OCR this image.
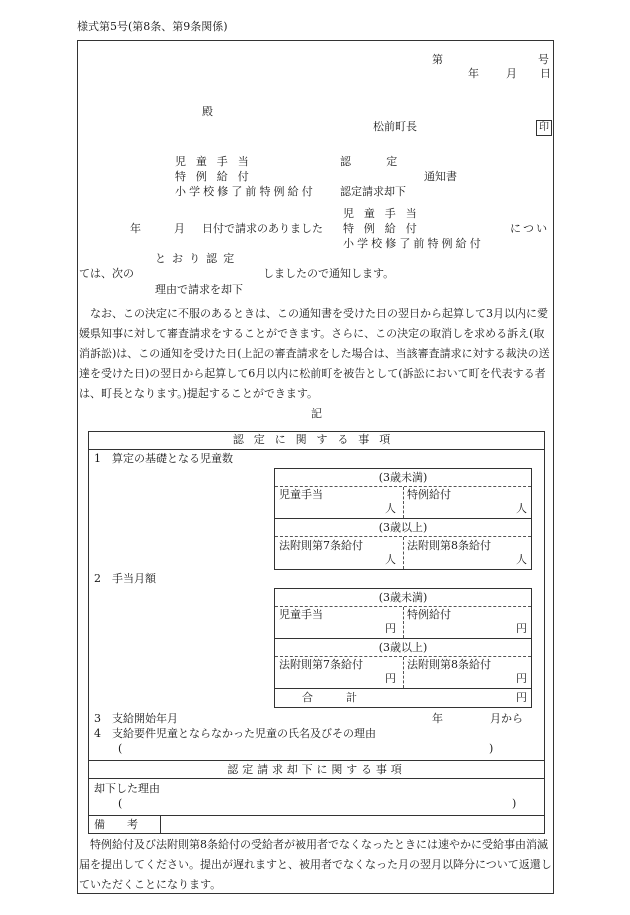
様式第5号(第8条、第9条関係)
第	号
年 月 日
殿
松前町長	印
児童手当	認定
特例給付	通知書
小学校修了前特例給付 認定請求却下
児童手当
年	月 日付で請求のありました 特例給付	につい
小学校修了前特例給付
とおり認定
ては、次の	しましたので通知します。
理由で請求を却下
なお、この決定に不服のあるときは、この通知書を受けた日の翌日から起算して3月以内に愛媛県知事に対して審査請求をすることができます。さらに、この決定の取消しを求める訴え(取消訴訟)は、この通知を受けた日(上記の審査請求をした場合は、当該審査請求に対する裁決の送達を受けた日)の翌日から起算して6月以内に松前町を被告として(訴訟において町を代表する者は、町長となります。)提起することができます。
記
認定に関する事項
1　算定の基礎となる児童数
(3歳未満)
児童手当	特例給付
人	人
(3歳以上)
法附則第7条給付	法附則第8条給付
人	人
2　手当月額
(3歳未満)
児童手当	特例給付
円	円
(3歳以上)
法附則第7条給付	法附則第8条給付
円	円
合　　　計	円
3　支給開始年月	年	月から
4　支給要件児童とならなかった児童の氏名及びその理由
(	)
認定請求却下に関する事項
却下した理由
(	)
備　　考
特例給付及び法附則第8条給付の受給者が被用者でなくなったときには速やかに受給事由消滅届を提出してください。提出が遅れますと、被用者でなくなった月の翌月以降分について返還していただくことになります。
